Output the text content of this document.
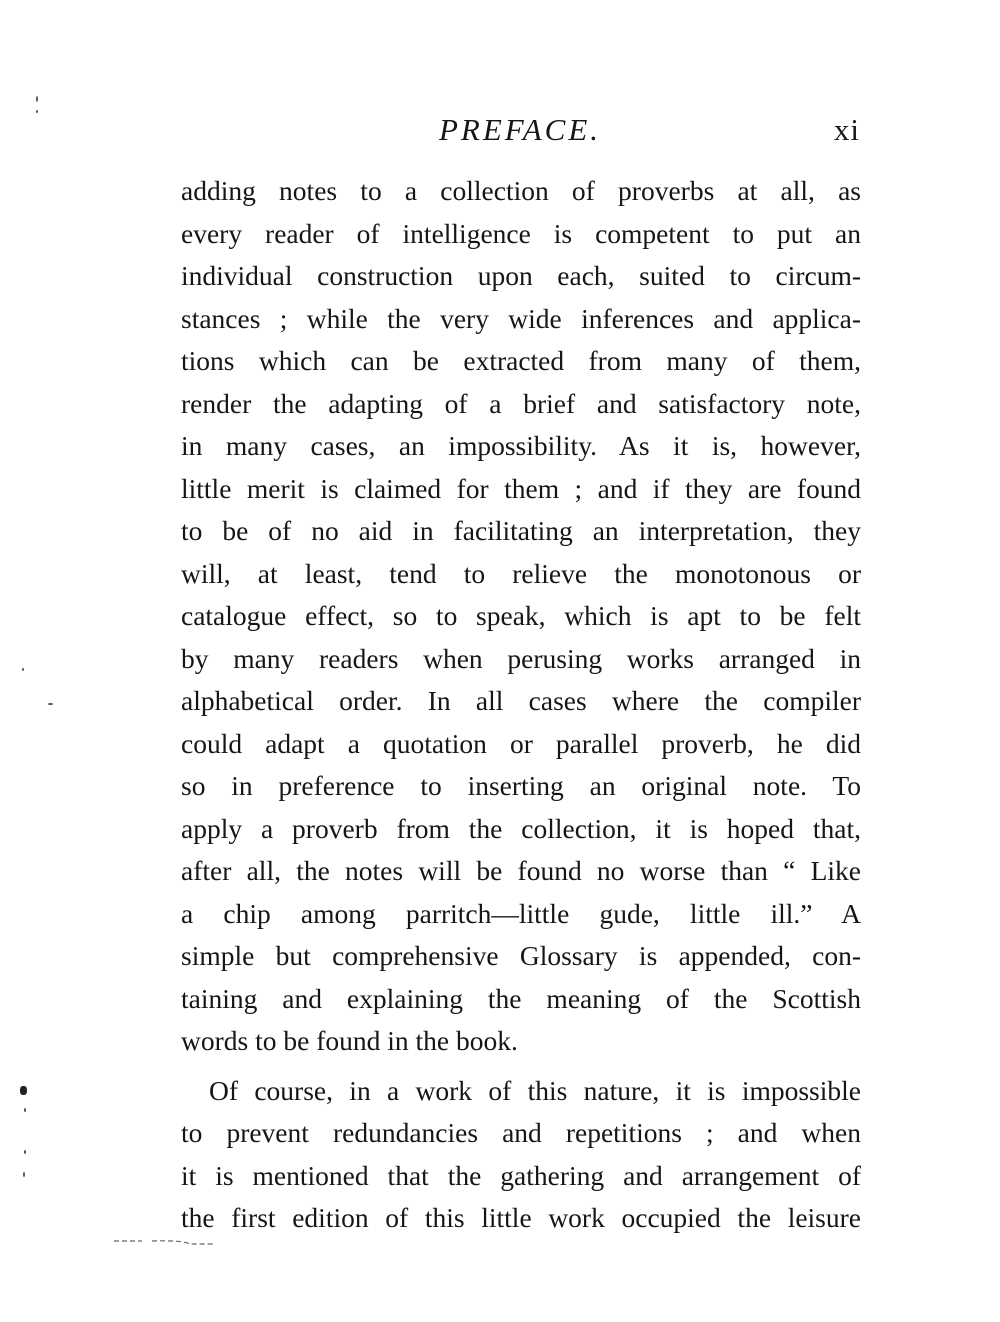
PREFACE.	xi
adding notes to a collection of proverbs at all, as
every reader of intelligence is competent to put an
individual construction upon each, suited to circum-
stances ; while the very wide inferences and applica-
tions which can be extracted from many of them,
render the adapting of a brief and satisfactory note,
in many cases, an impossibility. As it is, however,
little merit is claimed for them ; and if they are found
to be of no aid in facilitating an interpretation, they
will, at least, tend to relieve the monotonous or
catalogue effect, so to speak, which is apt to be felt
by many readers when perusing works arranged in
alphabetical order. In all cases where the compiler
could adapt a quotation or parallel proverb, he did
so in preference to inserting an original note. To
apply a proverb from the collection, it is hoped that,
after all, the notes will be found no worse than “ Like
a chip among parritch—little gude, little ill.” A
simple but comprehensive Glossary is appended, con-
taining and explaining the meaning of the Scottish
words to be found in the book.
Of course, in a work of this nature, it is impossible
to prevent redundancies and repetitions ; and when
it is mentioned that the gathering and arrangement of
the first edition of this little work occupied the leisure
